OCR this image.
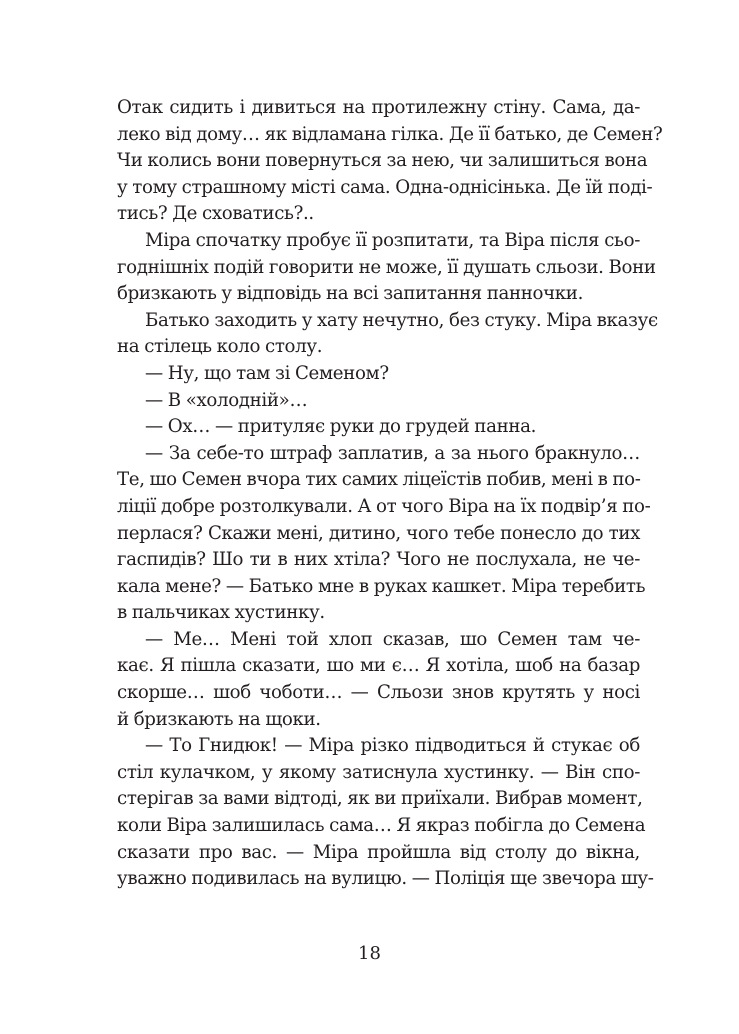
Отак сидить і дивиться на протилежну стіну. Сама, да-
леко від дому… як відламана гілка. Де її батько, де Семен?
Чи колись вони повернуться за нею, чи залишиться вона
у тому страшному місті сама. Одна-однісінька. Де їй поді-
тись? Де сховатись?..
Міра спочатку пробує її розпитати, та Віра після сьо-
годнішніх подій говорити не може, її душать сльози. Вони
бризкають у відповідь на всі запитання панночки.
Батько заходить у хату нечутно, без стуку. Міра вказує
на стілець коло столу.
— Ну, що там зі Семеном?
— В «холодній»…
— Ох… — притуляє руки до грудей панна.
— За себе-то штраф заплатив, а за нього бракнуло…
Те, шо Семен вчора тих самих ліцеїстів побив, мені в по-
ліції добре розтолкували. А от чого Віра на їх подвір’я по-
перлася? Скажи мені, дитино, чого тебе понесло до тих
гаспидів? Шо ти в них хтіла? Чого не послухала, не че-
кала мене? — Батько мне в руках кашкет. Міра теребить
в пальчиках хустинку.
— Ме… Мені той хлоп сказав, шо Семен там че-
кає. Я пішла сказати, шо ми є… Я хотіла, шоб на базар
скорше… шоб чоботи… — Сльози знов крутять у носі
й бризкають на щоки.
— То Гнидюк! — Міра різко підводиться й стукає об
стіл кулачком, у якому затиснула хустинку. — Він спо-
стерігав за вами відтоді, як ви приїхали. Вибрав момент,
коли Віра залишилась сама… Я якраз побігла до Семена
сказати про вас. — Міра пройшла від столу до вікна,
уважно подивилась на вулицю. — Поліція ще звечора шу-
18
